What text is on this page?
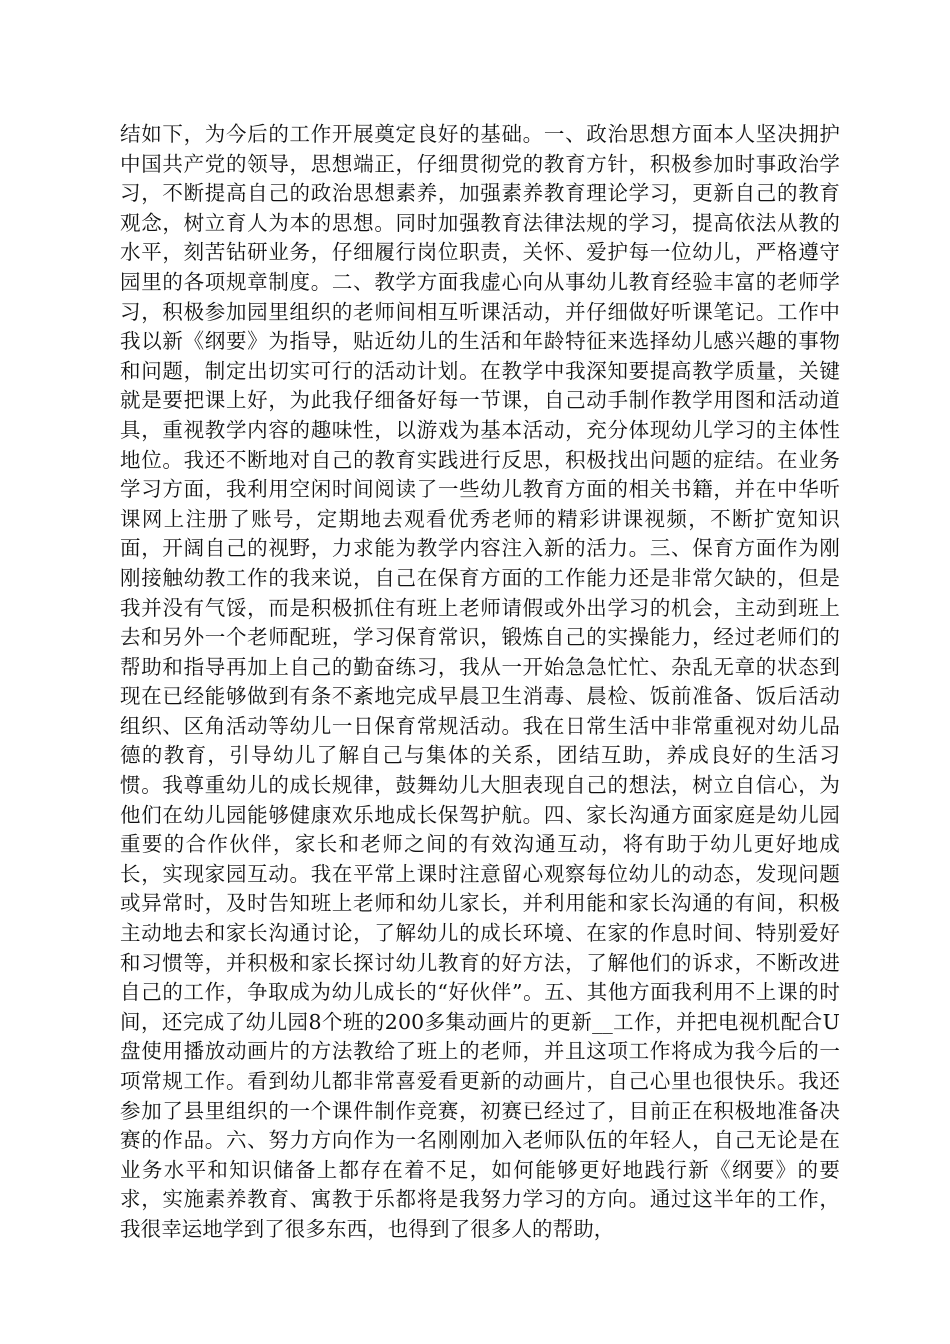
结如下，为今后的工作开展奠定良好的基础。一、政治思想方面本人坚决拥护中国共产党的领导，思想端正，仔细贯彻党的教育方针，积极参加时事政治学习，不断提高自己的政治思想素养，加强素养教育理论学习，更新自己的教育观念，树立育人为本的思想。同时加强教育法律法规的学习，提高依法从教的水平，刻苦钻研业务，仔细履行岗位职责，关怀、爱护每一位幼儿，严格遵守园里的各项规章制度。二、教学方面我虚心向从事幼儿教育经验丰富的老师学习，积极参加园里组织的老师间相互听课活动，并仔细做好听课笔记。工作中我以新《纲要》为指导，贴近幼儿的生活和年龄特征来选择幼儿感兴趣的事物和问题，制定出切实可行的活动计划。在教学中我深知要提高教学质量，关键就是要把课上好，为此我仔细备好每一节课，自己动手制作教学用图和活动道具，重视教学内容的趣味性，以游戏为基本活动，充分体现幼儿学习的主体性地位。我还不断地对自己的教育实践进行反思，积极找出问题的症结。在业务学习方面，我利用空闲时间阅读了一些幼儿教育方面的相关书籍，并在中华听课网上注册了账号，定期地去观看优秀老师的精彩讲课视频，不断扩宽知识面，开阔自己的视野，力求能为教学内容注入新的活力。三、保育方面作为刚刚接触幼教工作的我来说，自己在保育方面的工作能力还是非常欠缺的，但是我并没有气馁，而是积极抓住有班上老师请假或外出学习的机会，主动到班上去和另外一个老师配班，学习保育常识，锻炼自己的实操能力，经过老师们的帮助和指导再加上自己的勤奋练习，我从一开始急急忙忙、杂乱无章的状态到现在已经能够做到有条不紊地完成早晨卫生消毒、晨检、饭前准备、饭后活动组织、区角活动等幼儿一日保育常规活动。我在日常生活中非常重视对幼儿品德的教育，引导幼儿了解自己与集体的关系，团结互助，养成良好的生活习惯。我尊重幼儿的成长规律，鼓舞幼儿大胆表现自己的想法，树立自信心，为他们在幼儿园能够健康欢乐地成长保驾护航。四、家长沟通方面家庭是幼儿园重要的合作伙伴，家长和老师之间的有效沟通互动，将有助于幼儿更好地成长，实现家园互动。我在平常上课时注意留心观察每位幼儿的动态，发现问题或异常时，及时告知班上老师和幼儿家长，并利用能和家长沟通的有间，积极主动地去和家长沟通讨论，了解幼儿的成长环境、在家的作息时间、特别爱好和习惯等，并积极和家长探讨幼儿教育的好方法，了解他们的诉求，不断改进自己的工作，争取成为幼儿成长的“好伙伴”。五、其他方面我利用不上课的时间，还完成了幼儿园8个班的200多集动画片的更新__工作，并把电视机配合U盘使用播放动画片的方法教给了班上的老师，并且这项工作将成为我今后的一项常规工作。看到幼儿都非常喜爱看更新的动画片，自己心里也很快乐。我还参加了县里组织的一个课件制作竞赛，初赛已经过了，目前正在积极地准备决赛的作品。六、努力方向作为一名刚刚加入老师队伍的年轻人，自己无论是在业务水平和知识储备上都存在着不足，如何能够更好地践行新《纲要》的要求，实施素养教育、寓教于乐都将是我努力学习的方向。通过这半年的工作，我很幸运地学到了很多东西，也得到了很多人的帮助，
